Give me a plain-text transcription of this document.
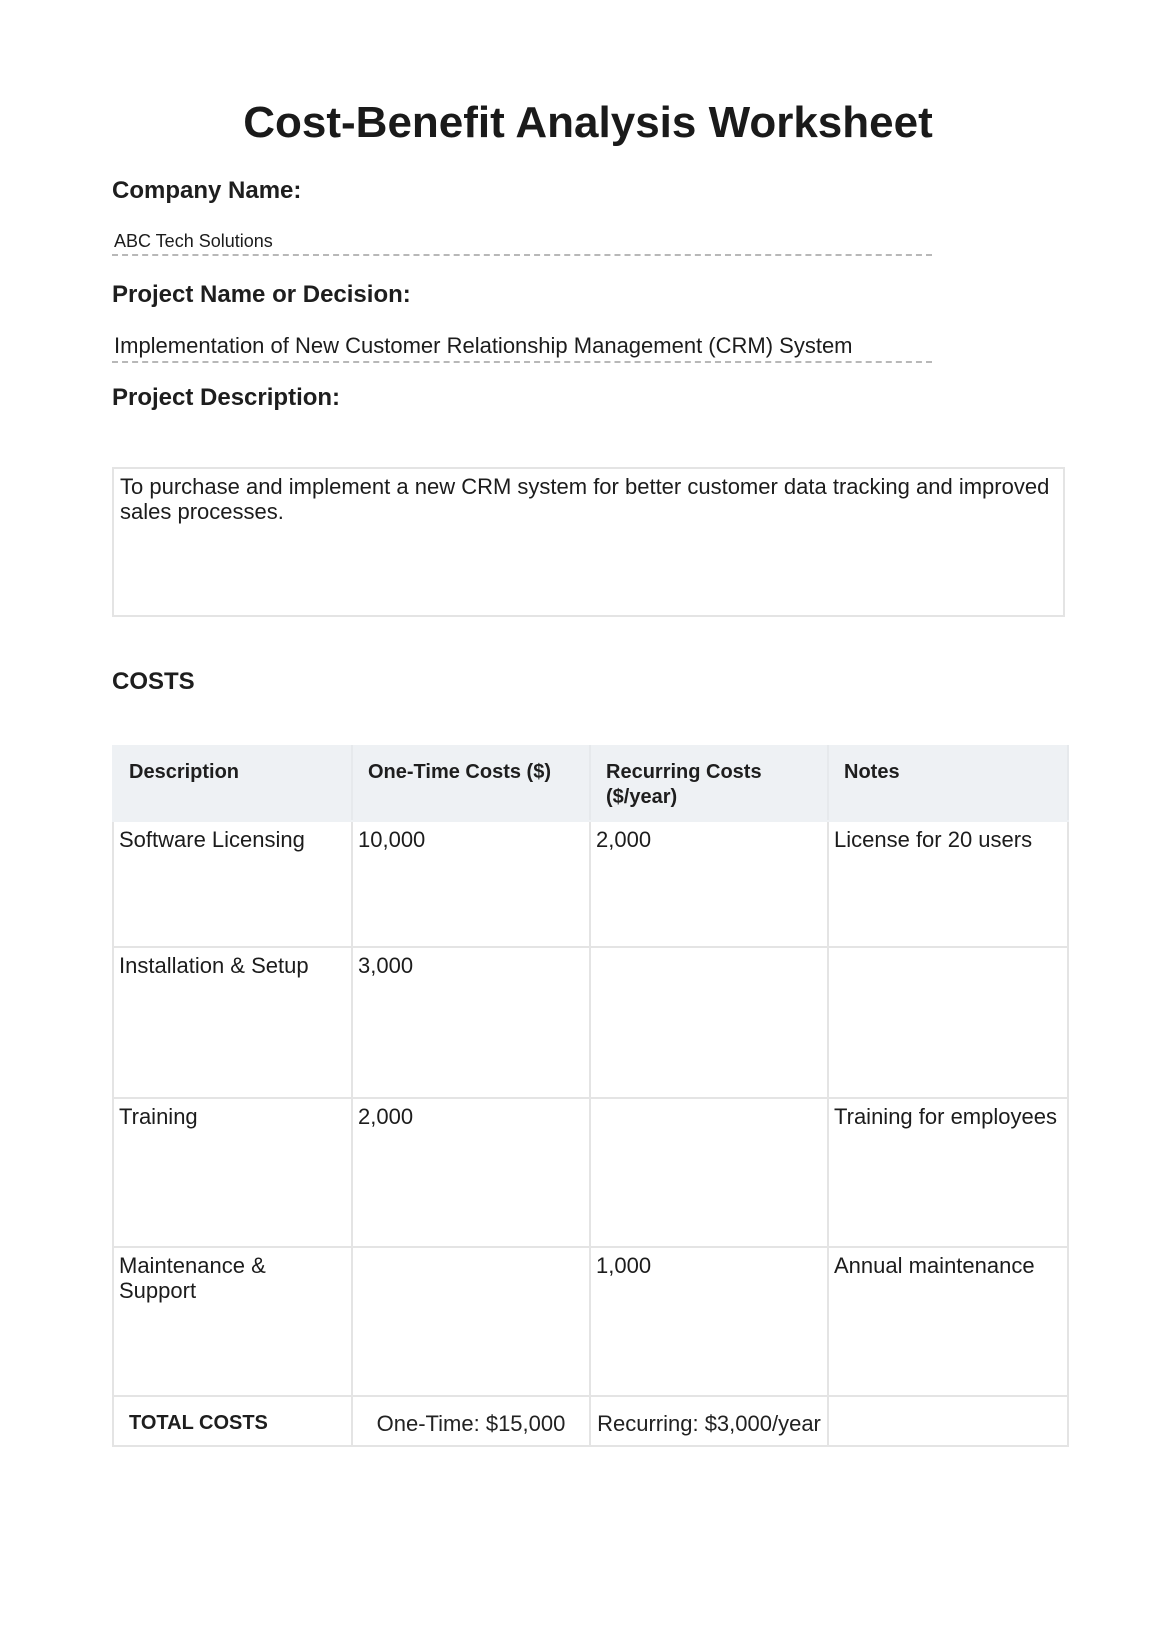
Cost-Benefit Analysis Worksheet
Company Name:
ABC Tech Solutions
Project Name or Decision:
Implementation of New Customer Relationship Management (CRM) System
Project Description:
To purchase and implement a new CRM system for better customer data tracking and improved sales processes.
COSTS
Description	One-Time Costs ($)	Recurring Costs ($/year)	Notes
Software Licensing	10,000	2,000	License for 20 users
Installation & Setup	3,000		
Training	2,000		Training for employees
Maintenance & Support		1,000	Annual maintenance
TOTAL COSTS	One-Time: $15,000	Recurring: $3,000/year	
